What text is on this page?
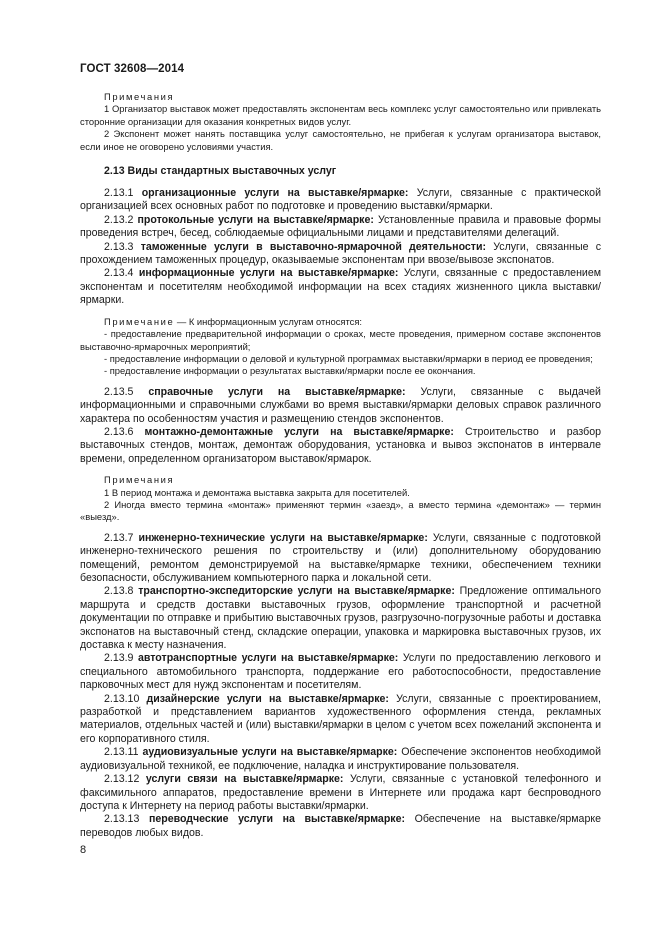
ГОСТ 32608—2014

Примечания

1 Организатор выставок может предоставлять экспонентам весь комплекс услуг самостоятельно или привлекать сторонние организации для оказания конкретных видов услуг.

2 Экспонент может нанять поставщика услуг самостоятельно, не прибегая к услугам организатора выставок, если иное не оговорено условиями участия.

2.13 Виды стандартных выставочных услуг

2.13.1 организационные услуги на выставке/ярмарке: Услуги, связанные с практической организацией всех основных работ по подготовке и проведению выставки/ярмарки.

2.13.2 протокольные услуги на выставке/ярмарке: Установленные правила и правовые формы проведения встреч, бесед, соблюдаемые официальными лицами и представителями делегаций.

2.13.3 таможенные услуги в выставочно-ярмарочной деятельности: Услуги, связанные с прохождением таможенных процедур, оказываемые экспонентам при ввозе/вывозе экспонатов.

2.13.4 информационные услуги на выставке/ярмарке: Услуги, связанные с предоставлением экспонентам и посетителям необходимой информации на всех стадиях жизненного цикла выставки/ярмарки.

Примечание — К информационным услугам относятся:

- предоставление предварительной информации о сроках, месте проведения, примерном составе экспонентов выставочно-ярмарочных мероприятий;

- предоставление информации о деловой и культурной программах выставки/ярмарки в период ее проведения;

- предоставление информации о результатах выставки/ярмарки после ее окончания.

2.13.5 справочные услуги на выставке/ярмарке: Услуги, связанные с выдачей информационными и справочными службами во время выставки/ярмарки деловых справок различного характера по особенностям участия и размещению стендов экспонентов.

2.13.6 монтажно-демонтажные услуги на выставке/ярмарке: Строительство и разбор выставочных стендов, монтаж, демонтаж оборудования, установка и вывоз экспонатов в интервале времени, определенном организатором выставок/ярмарок.

Примечания

1 В период монтажа и демонтажа выставка закрыта для посетителей.

2 Иногда вместо термина «монтаж» применяют термин «заезд», а вместо термина «демонтаж» — термин «выезд».

2.13.7 инженерно-технические услуги на выставке/ярмарке: Услуги, связанные с подготовкой инженерно-технического решения по строительству и (или) дополнительному оборудованию помещений, ремонтом демонстрируемой на выставке/ярмарке техники, обеспечением техники безопасности, обслуживанием компьютерного парка и локальной сети.

2.13.8 транспортно-экспедиторские услуги на выставке/ярмарке: Предложение оптимального маршрута и средств доставки выставочных грузов, оформление транспортной и расчетной документации по отправке и прибытию выставочных грузов, разгрузочно-погрузочные работы и доставка экспонатов на выставочный стенд, складские операции, упаковка и маркировка выставочных грузов, их доставка к месту назначения.

2.13.9 автотранспортные услуги на выставке/ярмарке: Услуги по предоставлению легкового и специального автомобильного транспорта, поддержание его работоспособности, предоставление парковочных мест для нужд экспонентам и посетителям.

2.13.10 дизайнерские услуги на выставке/ярмарке: Услуги, связанные с проектированием, разработкой и представлением вариантов художественного оформления стенда, рекламных материалов, отдельных частей и (или) выставки/ярмарки в целом с учетом всех пожеланий экспонента и его корпоративного стиля.

2.13.11 аудиовизуальные услуги на выставке/ярмарке: Обеспечение экспонентов необходимой аудиовизуальной техникой, ее подключение, наладка и инструктирование пользователя.

2.13.12 услуги связи на выставке/ярмарке: Услуги, связанные с установкой телефонного и факсимильного аппаратов, предоставление времени в Интернете или продажа карт беспроводного доступа к Интернету на период работы выставки/ярмарки.

2.13.13 переводческие услуги на выставке/ярмарке: Обеспечение на выставке/ярмарке переводов любых видов.

8
